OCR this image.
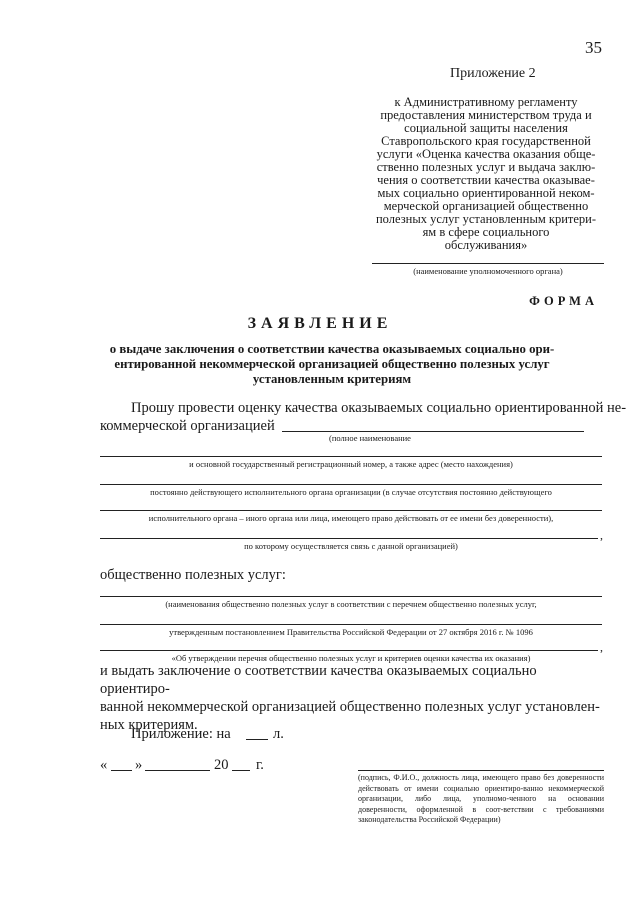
35
Приложение 2
к Административному регламенту
предоставления министерством труда и
социальной защиты населения
Ставропольского края государственной
услуги «Оценка качества оказания обще-
ственно полезных услуг и выдача заклю-
чения о соответствии качества оказывае-
мых социально ориентированной неком-
мерческой организацией общественно
полезных услуг установленным критери-
ям в сфере социального
обслуживания»
(наименование уполномоченного органа)
ФОРМА
ЗАЯВЛЕНИЕ
о выдаче заключения о соответствии качества оказываемых социально ори-
ентированной некоммерческой организацией общественно полезных услуг
установленным критериям
Прошу провести оценку качества оказываемых социально ориентированной не-
коммерческой организацией
(полное наименование
и основной государственный регистрационный номер, а также адрес (место нахождения)
постоянно действующего исполнительного органа организации (в случае отсутствия постоянно действующего
исполнительного органа – иного органа или лица, имеющего право действовать от ее имени без доверенности),
,
по которому осуществляется связь с данной организацией)
общественно полезных услуг:
(наименования общественно полезных услуг в соответствии с перечнем общественно полезных услуг,
утвержденным постановлением Правительства Российской Федерации от 27 октября 2016 г. № 1096
,
«Об утверждении перечня общественно полезных услуг и критериев оценки качества их оказания)
и выдать заключение о соответствии качества оказываемых социально ориентиро-
ванной некоммерческой организацией общественно полезных услуг установлен-
ных критериям.
Приложение: на	л.
« »	20 г.
(подпись, Ф.И.О., должность лица, имеющего право без доверенности действовать от имени социально ориентиро-ванно некоммерческой организации, либо лица, уполномо-ченного на основании доверенности, оформленной в соот-ветствии с требованиями законодательства Российской Федерации)
